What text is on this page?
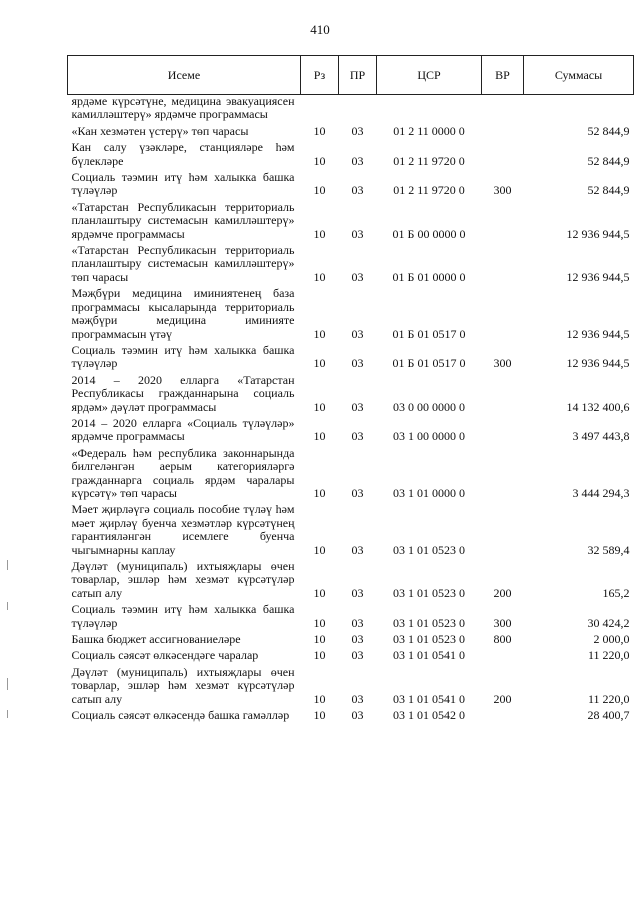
410
Исеме	Рз	ПР	ЦСР	ВР	Суммасы
ярдәме күрсәтүне, медицина эвакуациясен камилләштерү» ярдәмче программасы					
«Кан хезмәтен үстерү» төп чарасы	10	03	01 2 11 0000 0		52 844,9
Кан салу үзәкләре, станцияләре һәм бүлекләре	10	03	01 2 11 9720 0		52 844,9
Социаль тәэмин итү һәм халыкка башка түләүләр	10	03	01 2 11 9720 0	300	52 844,9
«Татарстан Республикасын территориаль планлаштыру системасын камилләштерү» ярдәмче программасы	10	03	01 Б 00 0000 0		12 936 944,5
«Татарстан Республикасын территориаль планлаштыру системасын камилләштерү» төп чарасы	10	03	01 Б 01 0000 0		12 936 944,5
Мәҗбүри медицина иминиятенең база программасы кысаларында территориаль мәҗбүри медицина иминияте программасын үтәү	10	03	01 Б 01 0517 0		12 936 944,5
Социаль тәэмин итү һәм халыкка башка түләүләр	10	03	01 Б 01 0517 0	300	12 936 944,5
2014 – 2020 елларга «Татарстан Республикасы гражданнарына социаль ярдәм» дәүләт программасы	10	03	03 0 00 0000 0		14 132 400,6
2014 – 2020 елларга «Социаль түләүләр» ярдәмче программасы	10	03	03 1 00 0000 0		3 497 443,8
«Федераль һәм республика законнарында билгеләнгән аерым категорияләргә гражданнарга социаль ярдәм чаралары күрсәтү» төп чарасы	10	03	03 1 01 0000 0		3 444 294,3
Мәет җирләүгә социаль пособие түләү һәм мәет җирләү буенча хезмәтләр күрсәтүнең гарантияләнгән исемлеге буенча чыгымнарны каплау	10	03	03 1 01 0523 0		32 589,4
Дәүләт (муниципаль) ихтыяҗлары өчен товарлар, эшләр һәм хезмәт күрсәтүләр сатып алу	10	03	03 1 01 0523 0	200	165,2
Социаль тәэмин итү һәм халыкка башка түләүләр	10	03	03 1 01 0523 0	300	30 424,2
Башка бюджет ассигнованиеләре	10	03	03 1 01 0523 0	800	2 000,0
Социаль сәясәт өлкәсендәге чаралар	10	03	03 1 01 0541 0		11 220,0
Дәүләт (муниципаль) ихтыяҗлары өчен товарлар, эшләр һәм хезмәт күрсәтүләр сатып алу	10	03	03 1 01 0541 0	200	11 220,0
Социаль сәясәт өлкәсендә башка гамәлләр	10	03	03 1 01 0542 0		28 400,7
